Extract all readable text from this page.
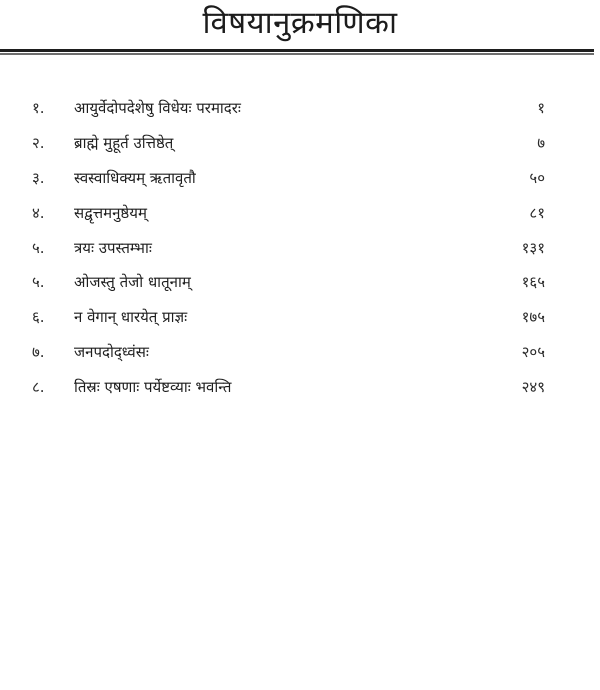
विषयानुक्रमणिका
१. आयुर्वेदोपदेशेषु विधेयः परमादरः	१
२. ब्राह्मे मुहूर्त उत्तिष्ठेत्	७
३. स्वस्वाधिक्यम् ऋतावृतौ	५०
४. सद्वृत्तमनुष्ठेयम्	८१
५. त्रयः उपस्तम्भाः	१३१
५. ओजस्तु तेजो धातूनाम्	१६५
६. न वेगान् धारयेत् प्राज्ञः	१७५
७. जनपदोद्ध्वंसः	२०५
८. तिस्रः एषणाः पर्येष्टव्याः भवन्ति	२४९
